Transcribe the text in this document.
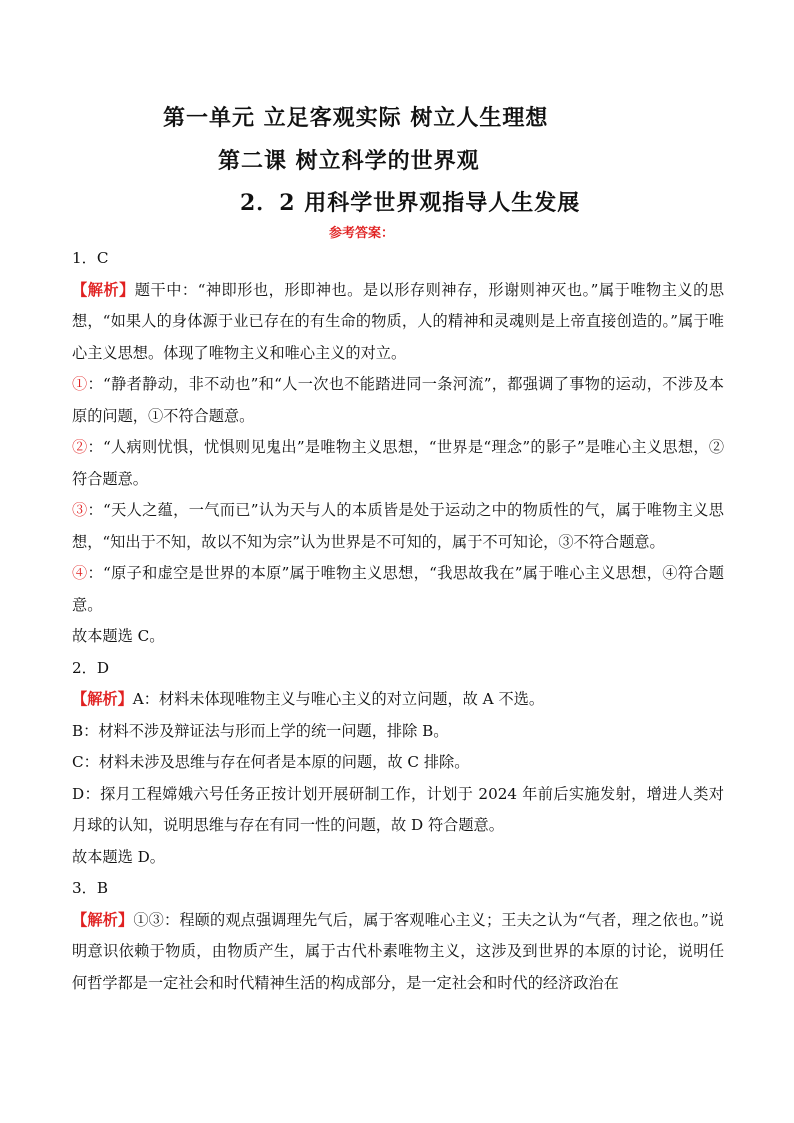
第一单元 立足客观实际 树立人生理想
第二课 树立科学的世界观
2．2 用科学世界观指导人生发展
参考答案：

1．C

【解析】题干中：“神即形也，形即神也。是以形存则神存，形谢则神灭也。”属于唯物主义的思想，“如果人的身体源于业已存在的有生命的物质，人的精神和灵魂则是上帝直接创造的。”属于唯心主义思想。体现了唯物主义和唯心主义的对立。

①：“静者静动，非不动也”和“人一次也不能踏进同一条河流”，都强调了事物的运动，不涉及本原的问题，①不符合题意。

②：“人病则忧惧，忧惧则见鬼出”是唯物主义思想，“世界是“理念”的影子”是唯心主义思想，②符合题意。

③：“天人之蕴，一气而已”认为天与人的本质皆是处于运动之中的物质性的气，属于唯物主义思想，“知出于不知，故以不知为宗”认为世界是不可知的，属于不可知论，③不符合题意。

④：“原子和虚空是世界的本原”属于唯物主义思想，“我思故我在”属于唯心主义思想，④符合题意。

故本题选 C。

2．D

【解析】A：材料未体现唯物主义与唯心主义的对立问题，故 A 不选。

B：材料不涉及辩证法与形而上学的统一问题，排除 B。

C：材料未涉及思维与存在何者是本原的问题，故 C 排除。

D：探月工程嫦娥六号任务正按计划开展研制工作，计划于 2024 年前后实施发射，增进人类对月球的认知，说明思维与存在有同一性的问题，故 D 符合题意。

故本题选 D。

3．B

【解析】①③：程颐的观点强调理先气后，属于客观唯心主义；王夫之认为“气者，理之依也。”说明意识依赖于物质，由物质产生，属于古代朴素唯物主义，这涉及到世界的本原的讨论，说明任何哲学都是一定社会和时代精神生活的构成部分，是一定社会和时代的经济政治在
